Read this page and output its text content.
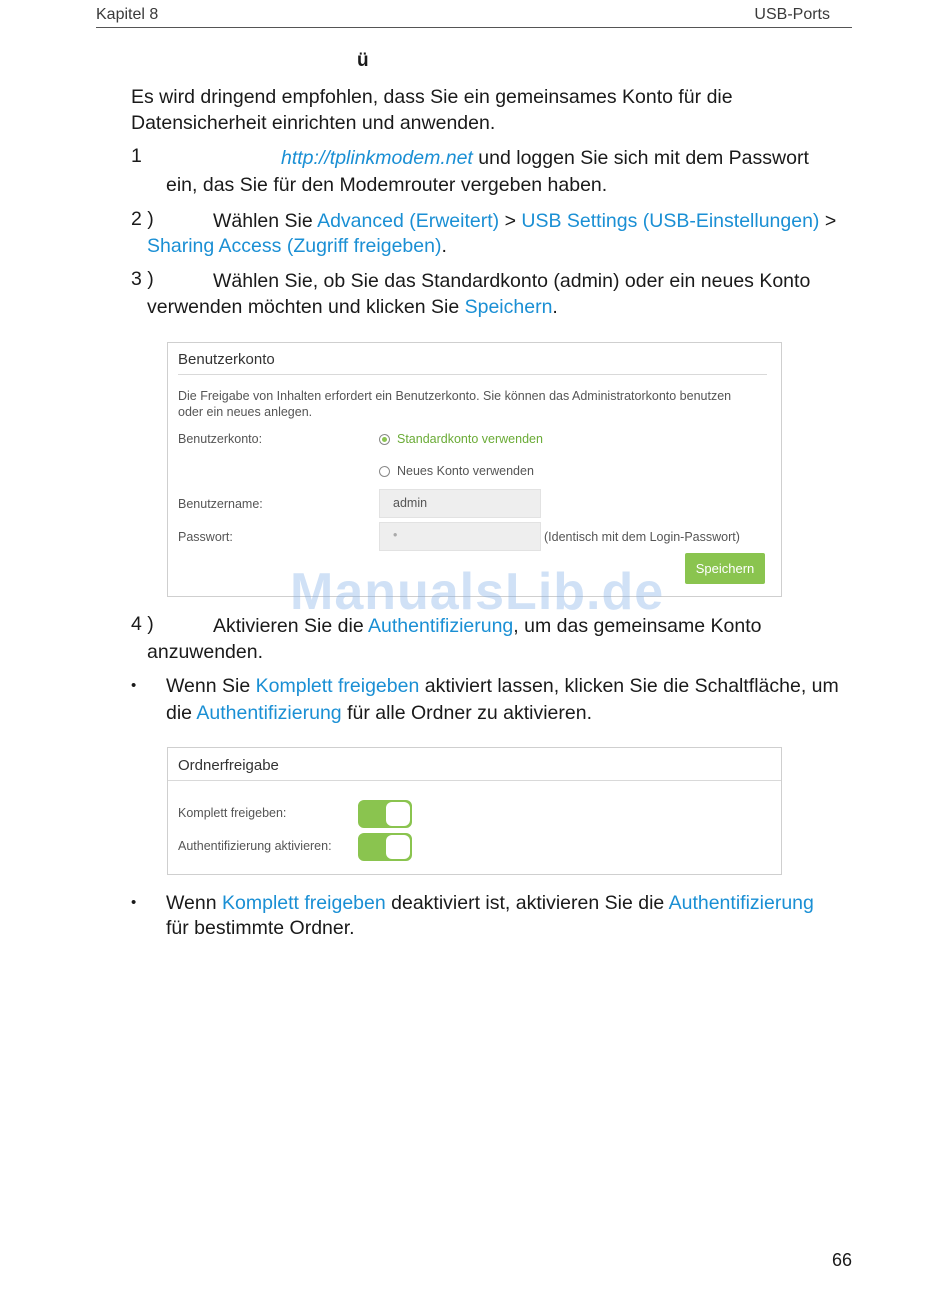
Kapitel 8	USB-Ports
ü
Es wird dringend empfohlen, dass Sie ein gemeinsames Konto für die
Datensicherheit einrichten und anwenden.
1	http://tplinkmodem.net und loggen Sie sich mit dem Passwort
ein, das Sie für den Modemrouter vergeben haben.
2 )	Wählen Sie Advanced (Erweitert) > USB Settings (USB-Einstellungen) >
Sharing Access (Zugriff freigeben).
3 )	Wählen Sie, ob Sie das Standardkonto (admin) oder ein neues Konto
verwenden möchten und klicken Sie Speichern.
Benutzerkonto
Die Freigabe von Inhalten erfordert ein Benutzerkonto. Sie können das Administratorkonto benutzen
oder ein neues anlegen.
Benutzerkonto:	Standardkonto verwenden
Neues Konto verwenden
Benutzername:	admin
Passwort:	•	(Identisch mit dem Login-Passwort)
Speichern
ManualsLib.de
4 )	Aktivieren Sie die Authentifizierung, um das gemeinsame Konto
anzuwenden.
• Wenn Sie Komplett freigeben aktiviert lassen, klicken Sie die Schaltfläche, um
die Authentifizierung für alle Ordner zu aktivieren.
Ordnerfreigabe
Komplett freigeben:
Authentifizierung aktivieren:
• Wenn Komplett freigeben deaktiviert ist, aktivieren Sie die Authentifizierung
für bestimmte Ordner.
66
